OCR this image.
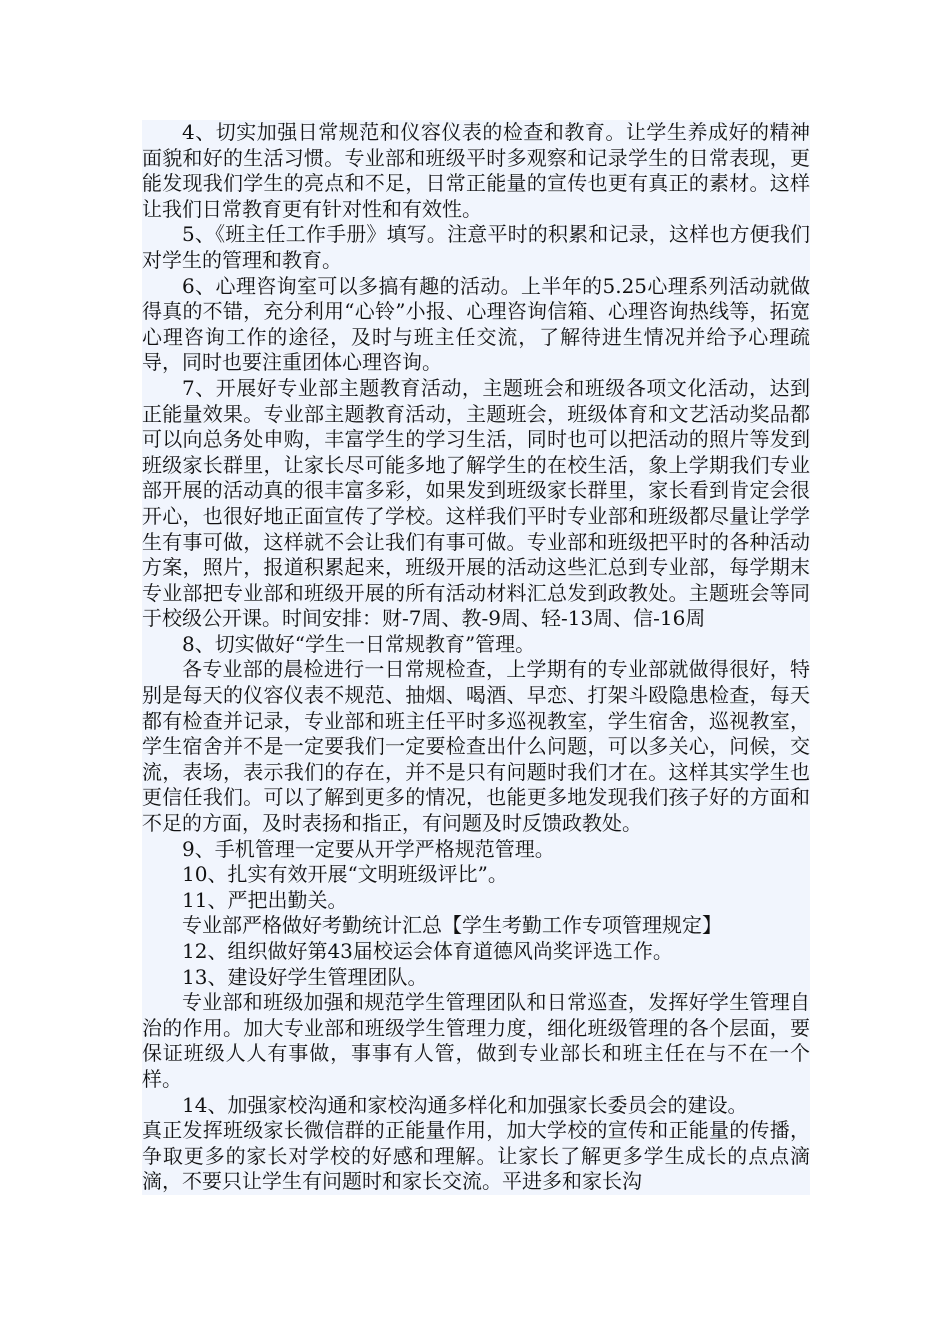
4、切实加强日常规范和仪容仪表的检查和教育。让学生养成好的精神面貌和好的生活习惯。专业部和班级平时多观察和记录学生的日常表现，更能发现我们学生的亮点和不足，日常正能量的宣传也更有真正的素材。这样让我们日常教育更有针对性和有效性。

5、《班主任工作手册》填写。注意平时的积累和记录，这样也方便我们对学生的管理和教育。

6、心理咨询室可以多搞有趣的活动。上半年的5.25心理系列活动就做得真的不错，充分利用“心铃”小报、心理咨询信箱、心理咨询热线等，拓宽心理咨询工作的途径，及时与班主任交流，了解待进生情况并给予心理疏导，同时也要注重团体心理咨询。

7、开展好专业部主题教育活动，主题班会和班级各项文化活动，达到正能量效果。专业部主题教育活动，主题班会，班级体育和文艺活动奖品都可以向总务处申购，丰富学生的学习生活，同时也可以把活动的照片等发到班级家长群里，让家长尽可能多地了解学生的在校生活，象上学期我们专业部开展的活动真的很丰富多彩，如果发到班级家长群里，家长看到肯定会很开心，也很好地正面宣传了学校。这样我们平时专业部和班级都尽量让学学生有事可做，这样就不会让我们有事可做。专业部和班级把平时的各种活动方案，照片，报道积累起来，班级开展的活动这些汇总到专业部，每学期末专业部把专业部和班级开展的所有活动材料汇总发到政教处。主题班会等同于校级公开课。时间安排：财-7周、教-9周、轻-13周、信-16周

8、切实做好“学生一日常规教育”管理。

各专业部的晨检进行一日常规检查，上学期有的专业部就做得很好，特别是每天的仪容仪表不规范、抽烟、喝酒、早恋、打架斗殴隐患检查，每天都有检查并记录，专业部和班主任平时多巡视教室，学生宿舍，巡视教室，学生宿舍并不是一定要我们一定要检查出什么问题，可以多关心，问候，交流，表场，表示我们的存在，并不是只有问题时我们才在。这样其实学生也更信任我们。可以了解到更多的情况，也能更多地发现我们孩子好的方面和不足的方面，及时表扬和指正，有问题及时反馈政教处。

9、手机管理一定要从开学严格规范管理。

10、扎实有效开展“文明班级评比”。

11、严把出勤关。

专业部严格做好考勤统计汇总【学生考勤工作专项管理规定】

12、组织做好第43届校运会体育道德风尚奖评选工作。

13、建设好学生管理团队。

专业部和班级加强和规范学生管理团队和日常巡查，发挥好学生管理自治的作用。加大专业部和班级学生管理力度，细化班级管理的各个层面，要保证班级人人有事做，事事有人管，做到专业部长和班主任在与不在一个样。

14、加强家校沟通和家校沟通多样化和加强家长委员会的建设。

真正发挥班级家长微信群的正能量作用，加大学校的宣传和正能量的传播，争取更多的家长对学校的好感和理解。让家长了解更多学生成长的点点滴滴，不要只让学生有问题时和家长交流。平进多和家长沟
